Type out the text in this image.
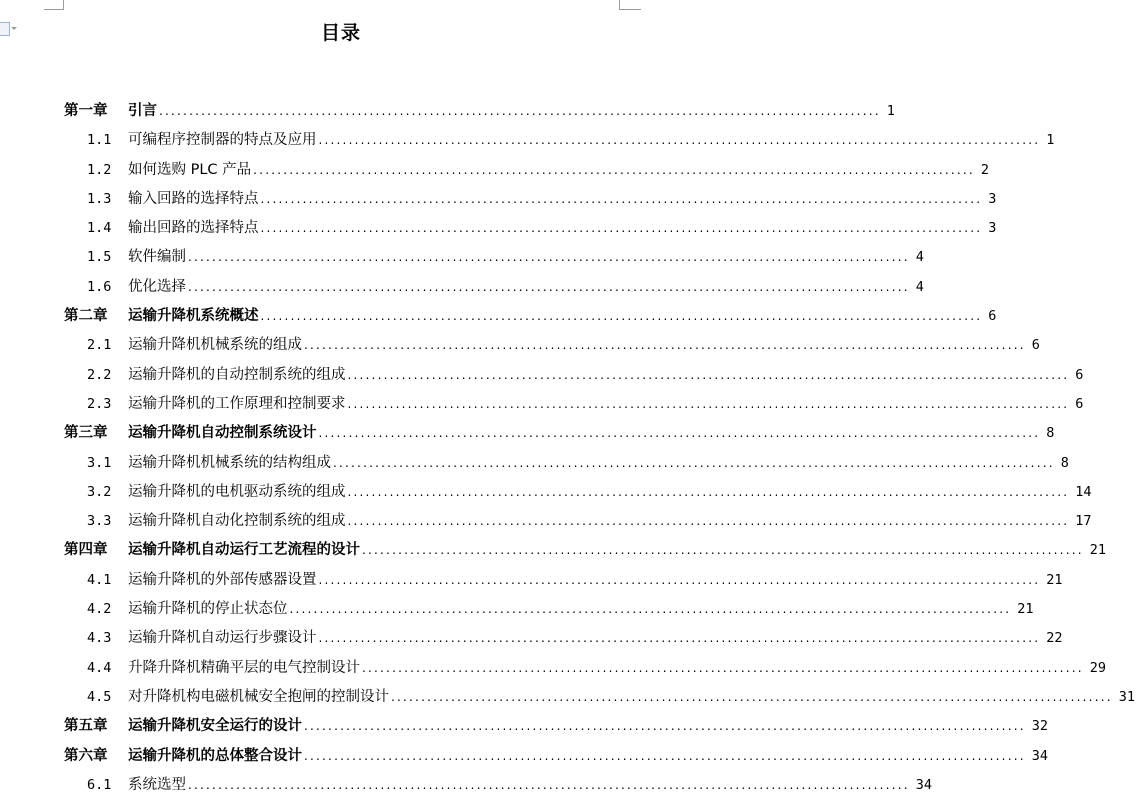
目录
第一章	引言 ........................................................................................................................ 1
1.1	可编程序控制器的特点及应用 ........................................................................................................................ 1
1.2	如何选购 PLC 产品 ........................................................................................................................ 2
1.3	输入回路的选择特点 ........................................................................................................................ 3
1.4	输出回路的选择特点 ........................................................................................................................ 3
1.5	软件编制 ........................................................................................................................ 4
1.6	优化选择 ........................................................................................................................ 4
第二章	运输升降机系统概述 ........................................................................................................................ 6
2.1	运输升降机机械系统的组成 ........................................................................................................................ 6
2.2	运输升降机的自动控制系统的组成 ........................................................................................................................ 6
2.3	运输升降机的工作原理和控制要求 ........................................................................................................................ 6
第三章	运输升降机自动控制系统设计 ........................................................................................................................ 8
3.1	运输升降机机械系统的结构组成 ........................................................................................................................ 8
3.2	运输升降机的电机驱动系统的组成 ........................................................................................................................ 14
3.3	运输升降机自动化控制系统的组成 ........................................................................................................................ 17
第四章	运输升降机自动运行工艺流程的设计 ........................................................................................................................ 21
4.1	运输升降机的外部传感器设置 ........................................................................................................................ 21
4.2	运输升降机的停止状态位 ........................................................................................................................ 21
4.3	运输升降机自动运行步骤设计 ........................................................................................................................ 22
4.4	升降升降机精确平层的电气控制设计 ........................................................................................................................ 29
4.5	对升降机构电磁机械安全抱闸的控制设计 ........................................................................................................................ 31
第五章	运输升降机安全运行的设计 ........................................................................................................................ 32
第六章	运输升降机的总体整合设计 ........................................................................................................................ 34
6.1	系统选型 ........................................................................................................................ 34
